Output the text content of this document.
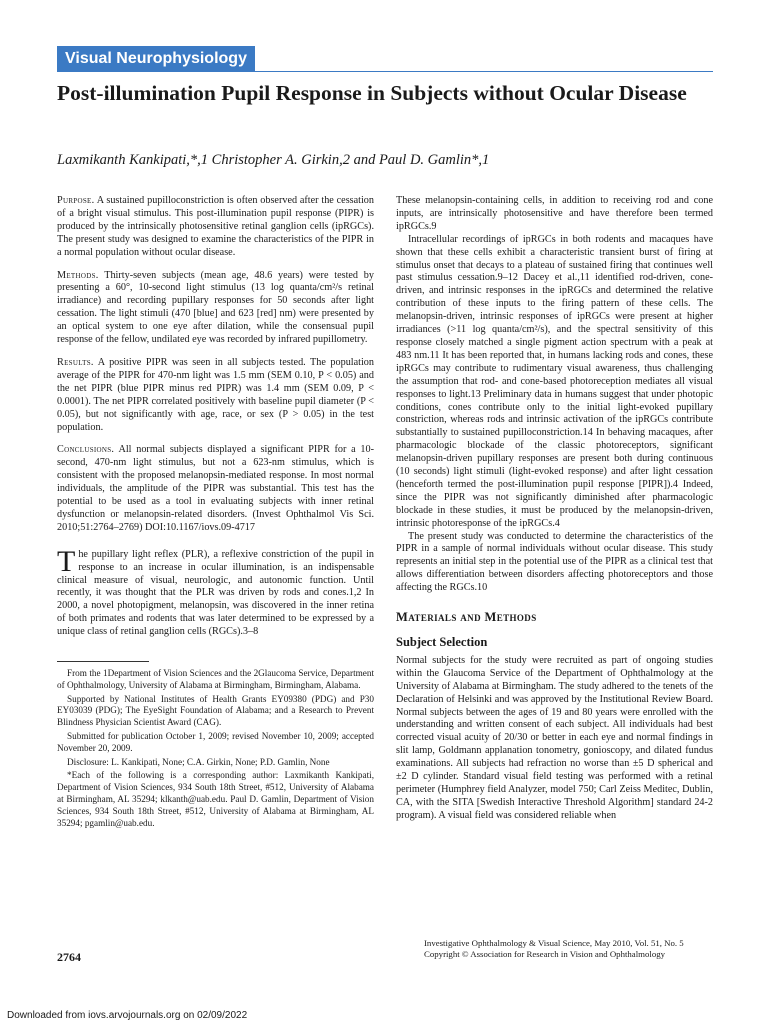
Visual Neurophysiology
Post-illumination Pupil Response in Subjects without Ocular Disease
Laxmikanth Kankipati,*,1 Christopher A. Girkin,2 and Paul D. Gamlin*,1

Purpose. A sustained pupilloconstriction is often observed after the cessation of a bright visual stimulus. This post-illumination pupil response (PIPR) is produced by the intrinsically photosensitive retinal ganglion cells (ipRGCs). The present study was designed to examine the characteristics of the PIPR in a normal population without ocular disease.

Methods. Thirty-seven subjects (mean age, 48.6 years) were tested by presenting a 60°, 10-second light stimulus (13 log quanta/cm²/s retinal irradiance) and recording pupillary responses for 50 seconds after light cessation. The light stimuli (470 [blue] and 623 [red] nm) were presented by an optical system to one eye after dilation, while the consensual pupil response of the fellow, undilated eye was recorded by infrared pupillometry.

Results. A positive PIPR was seen in all subjects tested. The population average of the PIPR for 470-nm light was 1.5 mm (SEM 0.10, P < 0.05) and the net PIPR (blue PIPR minus red PIPR) was 1.4 mm (SEM 0.09, P < 0.0001). The net PIPR correlated positively with baseline pupil diameter (P < 0.05), but not significantly with age, race, or sex (P > 0.05) in the test population.

Conclusions. All normal subjects displayed a significant PIPR for a 10-second, 470-nm light stimulus, but not a 623-nm stimulus, which is consistent with the proposed melanopsin-mediated response. In most normal individuals, the amplitude of the PIPR was substantial. This test has the potential to be used as a tool in evaluating subjects with inner retinal dysfunction or melanopsin-related disorders. (Invest Ophthalmol Vis Sci. 2010;51:2764–2769) DOI:10.1167/iovs.09-4717

The pupillary light reflex (PLR), a reflexive constriction of the pupil in response to an increase in ocular illumination, is an indispensable clinical measure of visual, neurologic, and autonomic function. Until recently, it was thought that the PLR was driven by rods and cones.1,2 In 2000, a novel photopigment, melanopsin, was discovered in the inner retina of both primates and rodents that was later determined to be expressed by a unique class of retinal ganglion cells (RGCs).3–8

From the 1Department of Vision Sciences and the 2Glaucoma Service, Department of Ophthalmology, University of Alabama at Birmingham, Birmingham, Alabama.

Supported by National Institutes of Health Grants EY09380 (PDG) and P30 EY03039 (PDG); The EyeSight Foundation of Alabama; and a Research to Prevent Blindness Physician Scientist Award (CAG).

Submitted for publication October 1, 2009; revised November 10, 2009; accepted November 20, 2009.

Disclosure: L. Kankipati, None; C.A. Girkin, None; P.D. Gamlin, None

*Each of the following is a corresponding author: Laxmikanth Kankipati, Department of Vision Sciences, 934 South 18th Street, #512, University of Alabama at Birmingham, AL 35294; klkanth@uab.edu. Paul D. Gamlin, Department of Vision Sciences, 934 South 18th Street, #512, University of Alabama at Birmingham, AL 35294; pgamlin@uab.edu.

These melanopsin-containing cells, in addition to receiving rod and cone inputs, are intrinsically photosensitive and have therefore been termed ipRGCs.9

Intracellular recordings of ipRGCs in both rodents and macaques have shown that these cells exhibit a characteristic transient burst of firing at stimulus onset that decays to a plateau of sustained firing that continues well past stimulus cessation.9–12 Dacey et al.,11 identified rod-driven, cone-driven, and intrinsic responses in the ipRGCs and determined the relative contribution of these inputs to the firing pattern of these cells. The melanopsin-driven, intrinsic responses of ipRGCs were present at higher irradiances (>11 log quanta/cm²/s), and the spectral sensitivity of this response closely matched a single pigment action spectrum with a peak at 483 nm.11 It has been reported that, in humans lacking rods and cones, these ipRGCs may contribute to rudimentary visual awareness, thus challenging the assumption that rod- and cone-based photoreception mediates all visual responses to light.13 Preliminary data in humans suggest that under photopic conditions, cones contribute only to the initial light-evoked pupillary constriction, whereas rods and intrinsic activation of the ipRGCs contribute substantially to sustained pupilloconstriction.14 In behaving macaques, after pharmacologic blockade of the classic photoreceptors, significant melanopsin-driven pupillary responses are present both during continuous (10 seconds) light stimuli (light-evoked response) and after light cessation (henceforth termed the post-illumination pupil response [PIPR]).4 Indeed, since the PIPR was not significantly diminished after pharmacologic blockade in these studies, it must be produced by the melanopsin-driven, intrinsic photoresponse of the ipRGCs.4

The present study was conducted to determine the characteristics of the PIPR in a sample of normal individuals without ocular disease. This study represents an initial step in the potential use of the PIPR as a clinical test that allows differentiation between disorders affecting photoreceptors and those affecting the RGCs.10

Materials and Methods

Subject Selection

Normal subjects for the study were recruited as part of ongoing studies within the Glaucoma Service of the Department of Ophthalmology at the University of Alabama at Birmingham. The study adhered to the tenets of the Declaration of Helsinki and was approved by the Institutional Review Board. Normal subjects between the ages of 19 and 80 years were enrolled with the understanding and written consent of each subject. All individuals had best corrected visual acuity of 20/30 or better in each eye and normal findings in slit lamp, Goldmann applanation tonometry, gonioscopy, and dilated fundus examinations. All subjects had refraction no worse than ±5 D spherical and ±2 D cylinder. Standard visual field testing was performed with a retinal perimeter (Humphrey field Analyzer, model 750; Carl Zeiss Meditec, Dublin, CA, with the SITA [Swedish Interactive Threshold Algorithm] standard 24-2 program). A visual field was considered reliable when

2764
Investigative Ophthalmology & Visual Science, May 2010, Vol. 51, No. 5
Copyright © Association for Research in Vision and Ophthalmology
Downloaded from iovs.arvojournals.org on 02/09/2022
